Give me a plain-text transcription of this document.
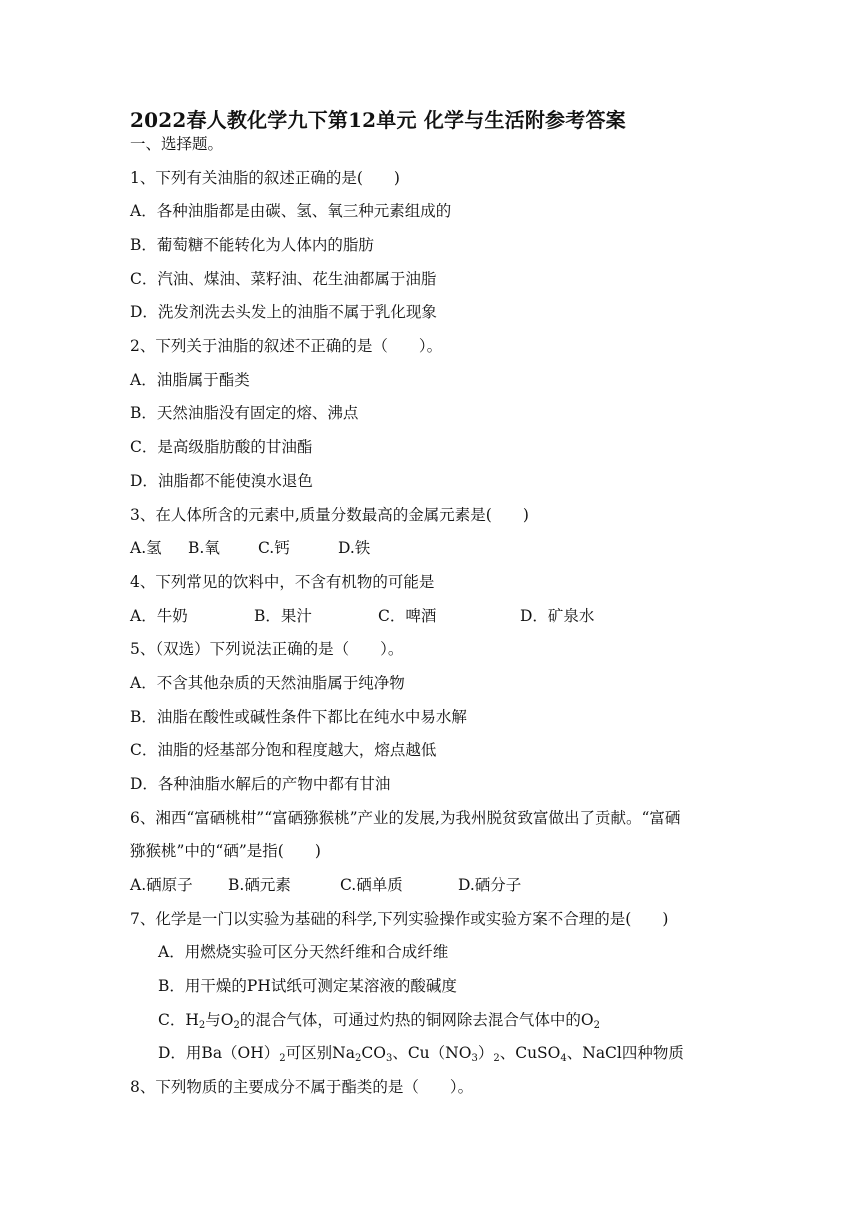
2022春人教化学九下第12单元 化学与生活附参考答案
一、选择题。
1、下列有关油脂的叙述正确的是(　　)
A．各种油脂都是由碳、氢、氧三种元素组成的
B．葡萄糖不能转化为人体内的脂肪
C．汽油、煤油、菜籽油、花生油都属于油脂
D．洗发剂洗去头发上的油脂不属于乳化现象
2、下列关于油脂的叙述不正确的是（　　）。
A．油脂属于酯类
B．天然油脂没有固定的熔、沸点
C．是高级脂肪酸的甘油酯
D．油脂都不能使溴水退色
3、在人体所含的元素中,质量分数最高的金属元素是(　　)
A.氢	B.氧	C.钙	D.铁
4、下列常见的饮料中，不含有机物的可能是
A．牛奶	B．果汁	C．啤酒	D．矿泉水
5、（双选）下列说法正确的是（　　）。
A．不含其他杂质的天然油脂属于纯净物
B．油脂在酸性或碱性条件下都比在纯水中易水解
C．油脂的烃基部分饱和程度越大，熔点越低
D．各种油脂水解后的产物中都有甘油
6、湘西“富硒桃柑”“富硒猕猴桃”产业的发展,为我州脱贫致富做出了贡献。“富硒
猕猴桃”中的“硒”是指(　　)
A.硒原子	B.硒元素	C.硒单质	D.硒分子
7、化学是一门以实验为基础的科学,下列实验操作或实验方案不合理的是(　　)
A．用燃烧实验可区分天然纤维和合成纤维
B．用干燥的PH试纸可测定某溶液的酸碱度
C．$H_2$与$O_2$的混合气体，可通过灼热的铜网除去混合气体中的$O_2$
D．用$Ba(OH)_2$可区别$Na_2CO_3$、$Cu(NO_3)_2$、CuSO$_4$、NaCl四种物质
8、下列物质的主要成分不属于酯类的是（　　）。
